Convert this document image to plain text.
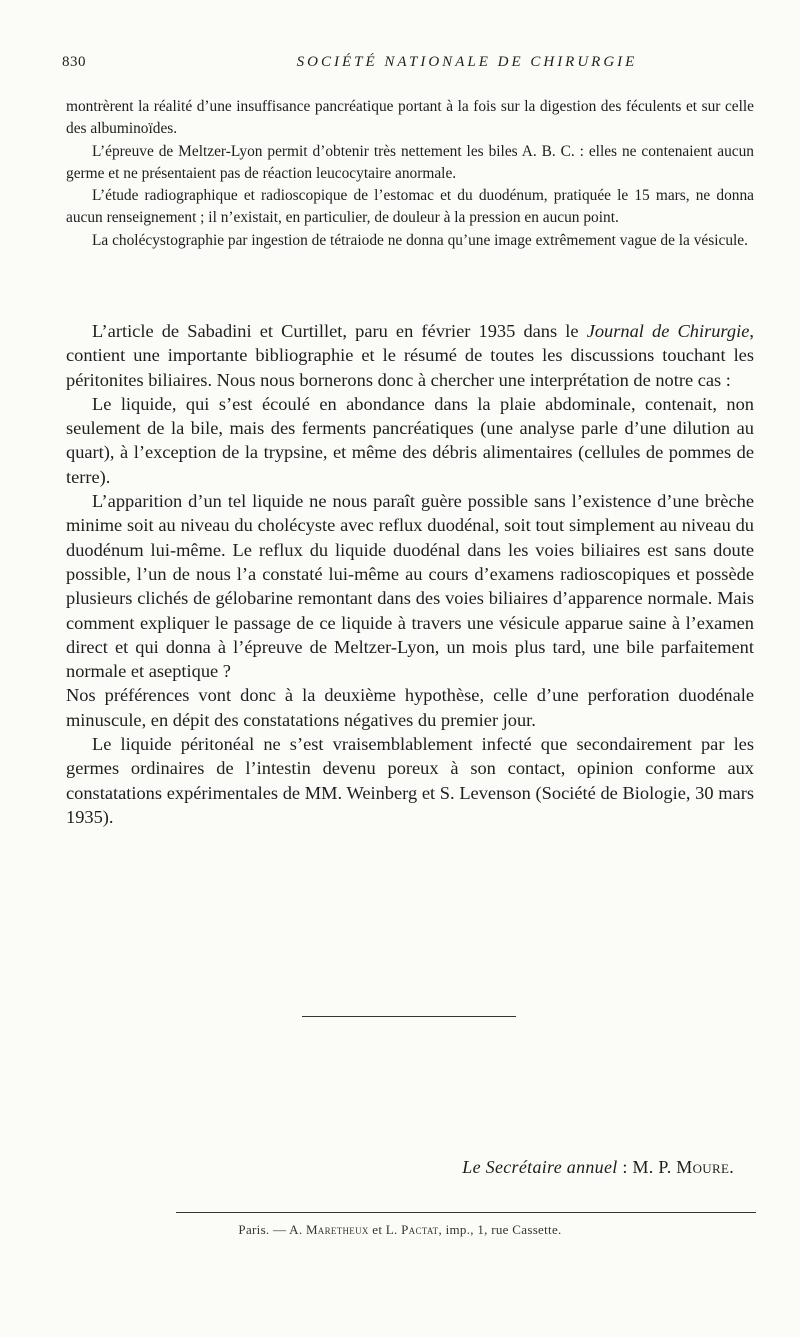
830	SOCIÉTÉ NATIONALE DE CHIRURGIE

montrèrent la réalité d’une insuffisance pancréatique portant à la fois sur la digestion des féculents et sur celle des albuminoïdes.

L’épreuve de Meltzer-Lyon permit d’obtenir très nettement les biles A. B. C. : elles ne contenaient aucun germe et ne présentaient pas de réaction leucocytaire anormale.

L’étude radiographique et radioscopique de l’estomac et du duodénum, pratiquée le 15 mars, ne donna aucun renseignement ; il n’existait, en particulier, de douleur à la pression en aucun point.

La cholécystographie par ingestion de tétraiode ne donna qu’une image extrêmement vague de la vésicule.

L’article de Sabadini et Curtillet, paru en février 1935 dans le Journal de Chirurgie, contient une importante bibliographie et le résumé de toutes les discussions touchant les péritonites biliaires. Nous nous bornerons donc à chercher une interprétation de notre cas :

Le liquide, qui s’est écoulé en abondance dans la plaie abdominale, contenait, non seulement de la bile, mais des ferments pancréatiques (une analyse parle d’une dilution au quart), à l’exception de la trypsine, et même des débris alimentaires (cellules de pommes de terre).

L’apparition d’un tel liquide ne nous paraît guère possible sans l’existence d’une brèche minime soit au niveau du cholécyste avec reflux duodénal, soit tout simplement au niveau du duodénum lui-même. Le reflux du liquide duodénal dans les voies biliaires est sans doute possible, l’un de nous l’a constaté lui-même au cours d’examens radioscopiques et possède plusieurs clichés de gélobarine remontant dans des voies biliaires d’apparence normale. Mais comment expliquer le passage de ce liquide à travers une vésicule apparue saine à l’examen direct et qui donna à l’épreuve de Meltzer-Lyon, un mois plus tard, une bile parfaitement normale et aseptique ?

Nos préférences vont donc à la deuxième hypothèse, celle d’une perforation duodénale minuscule, en dépit des constatations négatives du premier jour.

Le liquide péritonéal ne s’est vraisemblablement infecté que secondairement par les germes ordinaires de l’intestin devenu poreux à son contact, opinion conforme aux constatations expérimentales de MM. Weinberg et S. Levenson (Société de Biologie, 30 mars 1935).

Le Secrétaire annuel : M. P. Moure.
Paris. — A. Maretheux et L. Pactat, imp., 1, rue Cassette.
